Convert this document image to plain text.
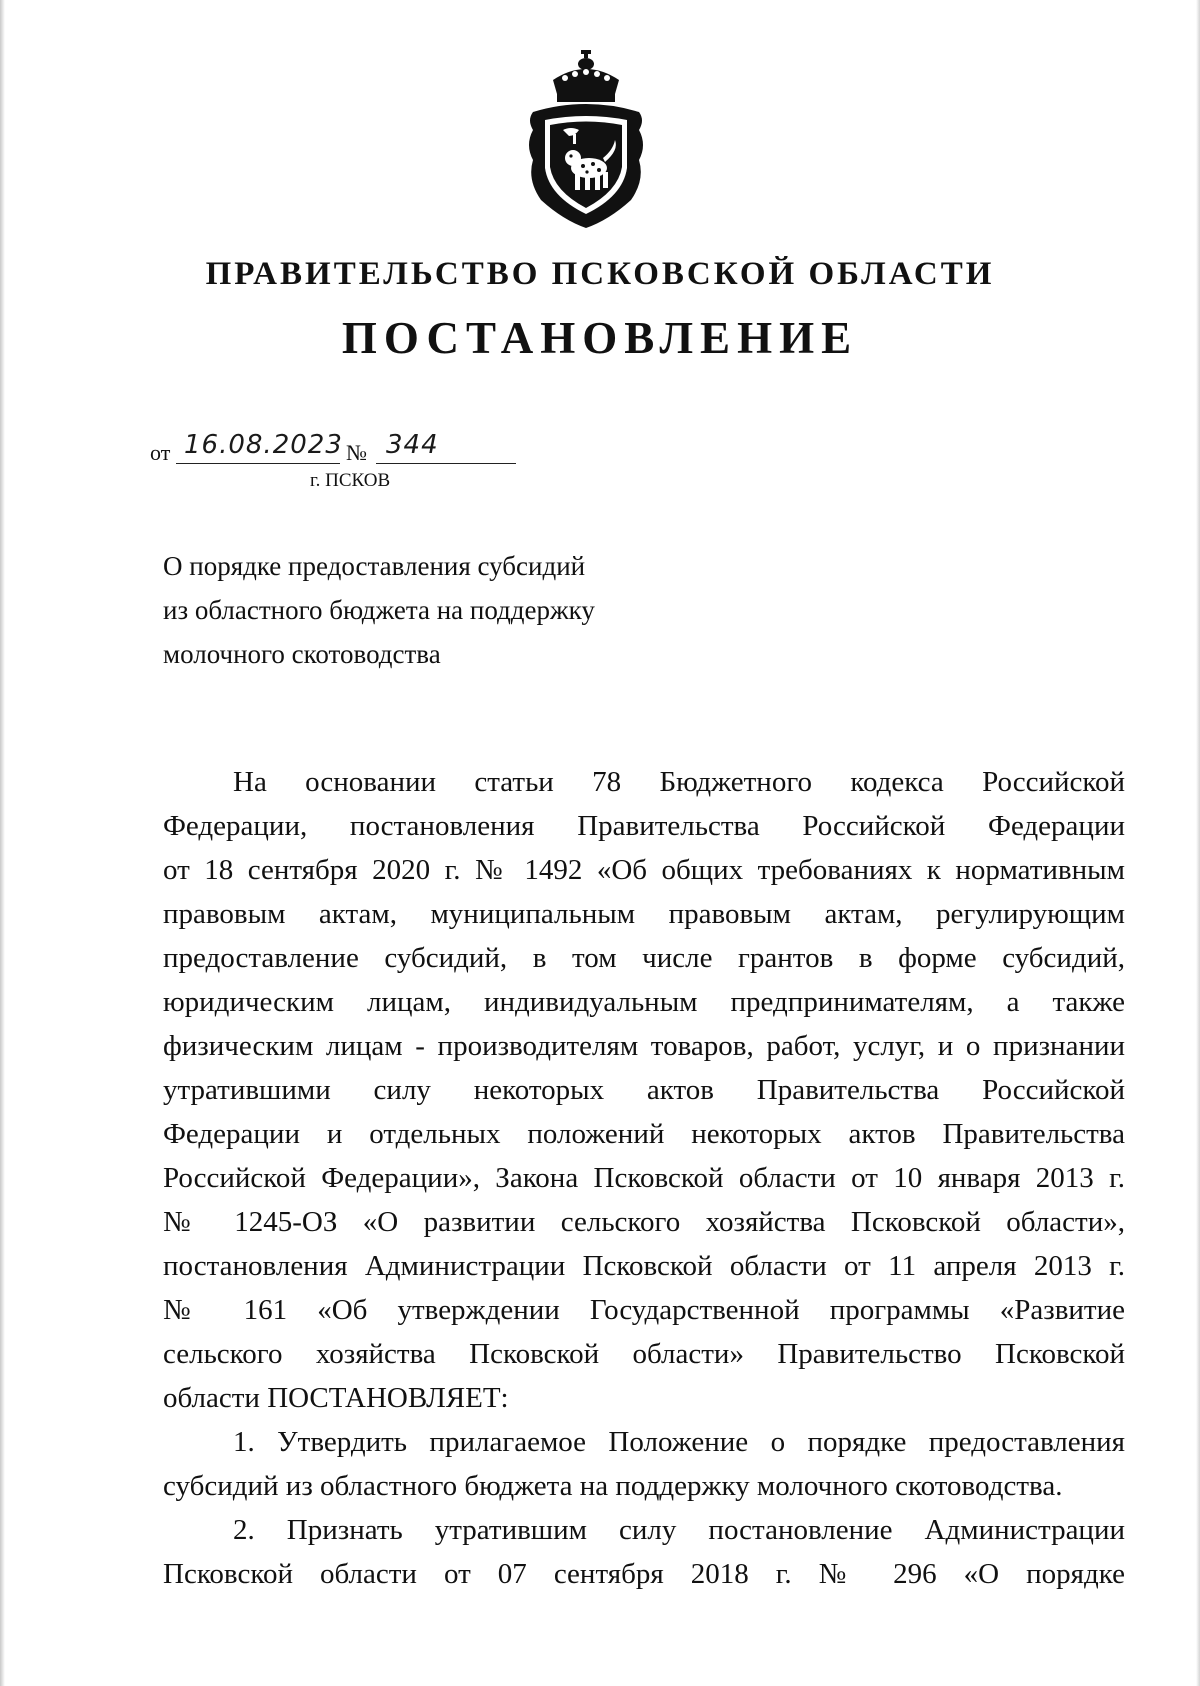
ПРАВИТЕЛЬСТВО ПСКОВСКОЙ ОБЛАСТИ
ПОСТАНОВЛЕНИЕ
от 16.08.2023 № 344
г. ПСКОВ
О порядке предоставления субсидий
из областного бюджета на поддержку
молочного скотоводства
На основании статьи 78 Бюджетного кодекса Российской
Федерации, постановления Правительства Российской Федерации
от 18 сентября 2020 г. № 1492 «Об общих требованиях к нормативным
правовым актам, муниципальным правовым актам, регулирующим
предоставление субсидий, в том числе грантов в форме субсидий,
юридическим лицам, индивидуальным предпринимателям, а также
физическим лицам - производителям товаров, работ, услуг, и о признании
утратившими силу некоторых актов Правительства Российской
Федерации и отдельных положений некоторых актов Правительства
Российской Федерации», Закона Псковской области от 10 января 2013 г.
№ 1245-ОЗ «О развитии сельского хозяйства Псковской области»,
постановления Администрации Псковской области от 11 апреля 2013 г.
№ 161 «Об утверждении Государственной программы «Развитие
сельского хозяйства Псковской области» Правительство Псковской
области ПОСТАНОВЛЯЕТ:
1. Утвердить прилагаемое Положение о порядке предоставления
субсидий из областного бюджета на поддержку молочного скотоводства.
2. Признать утратившим силу постановление Администрации
Псковской области от 07 сентября 2018 г. № 296 «О порядке
